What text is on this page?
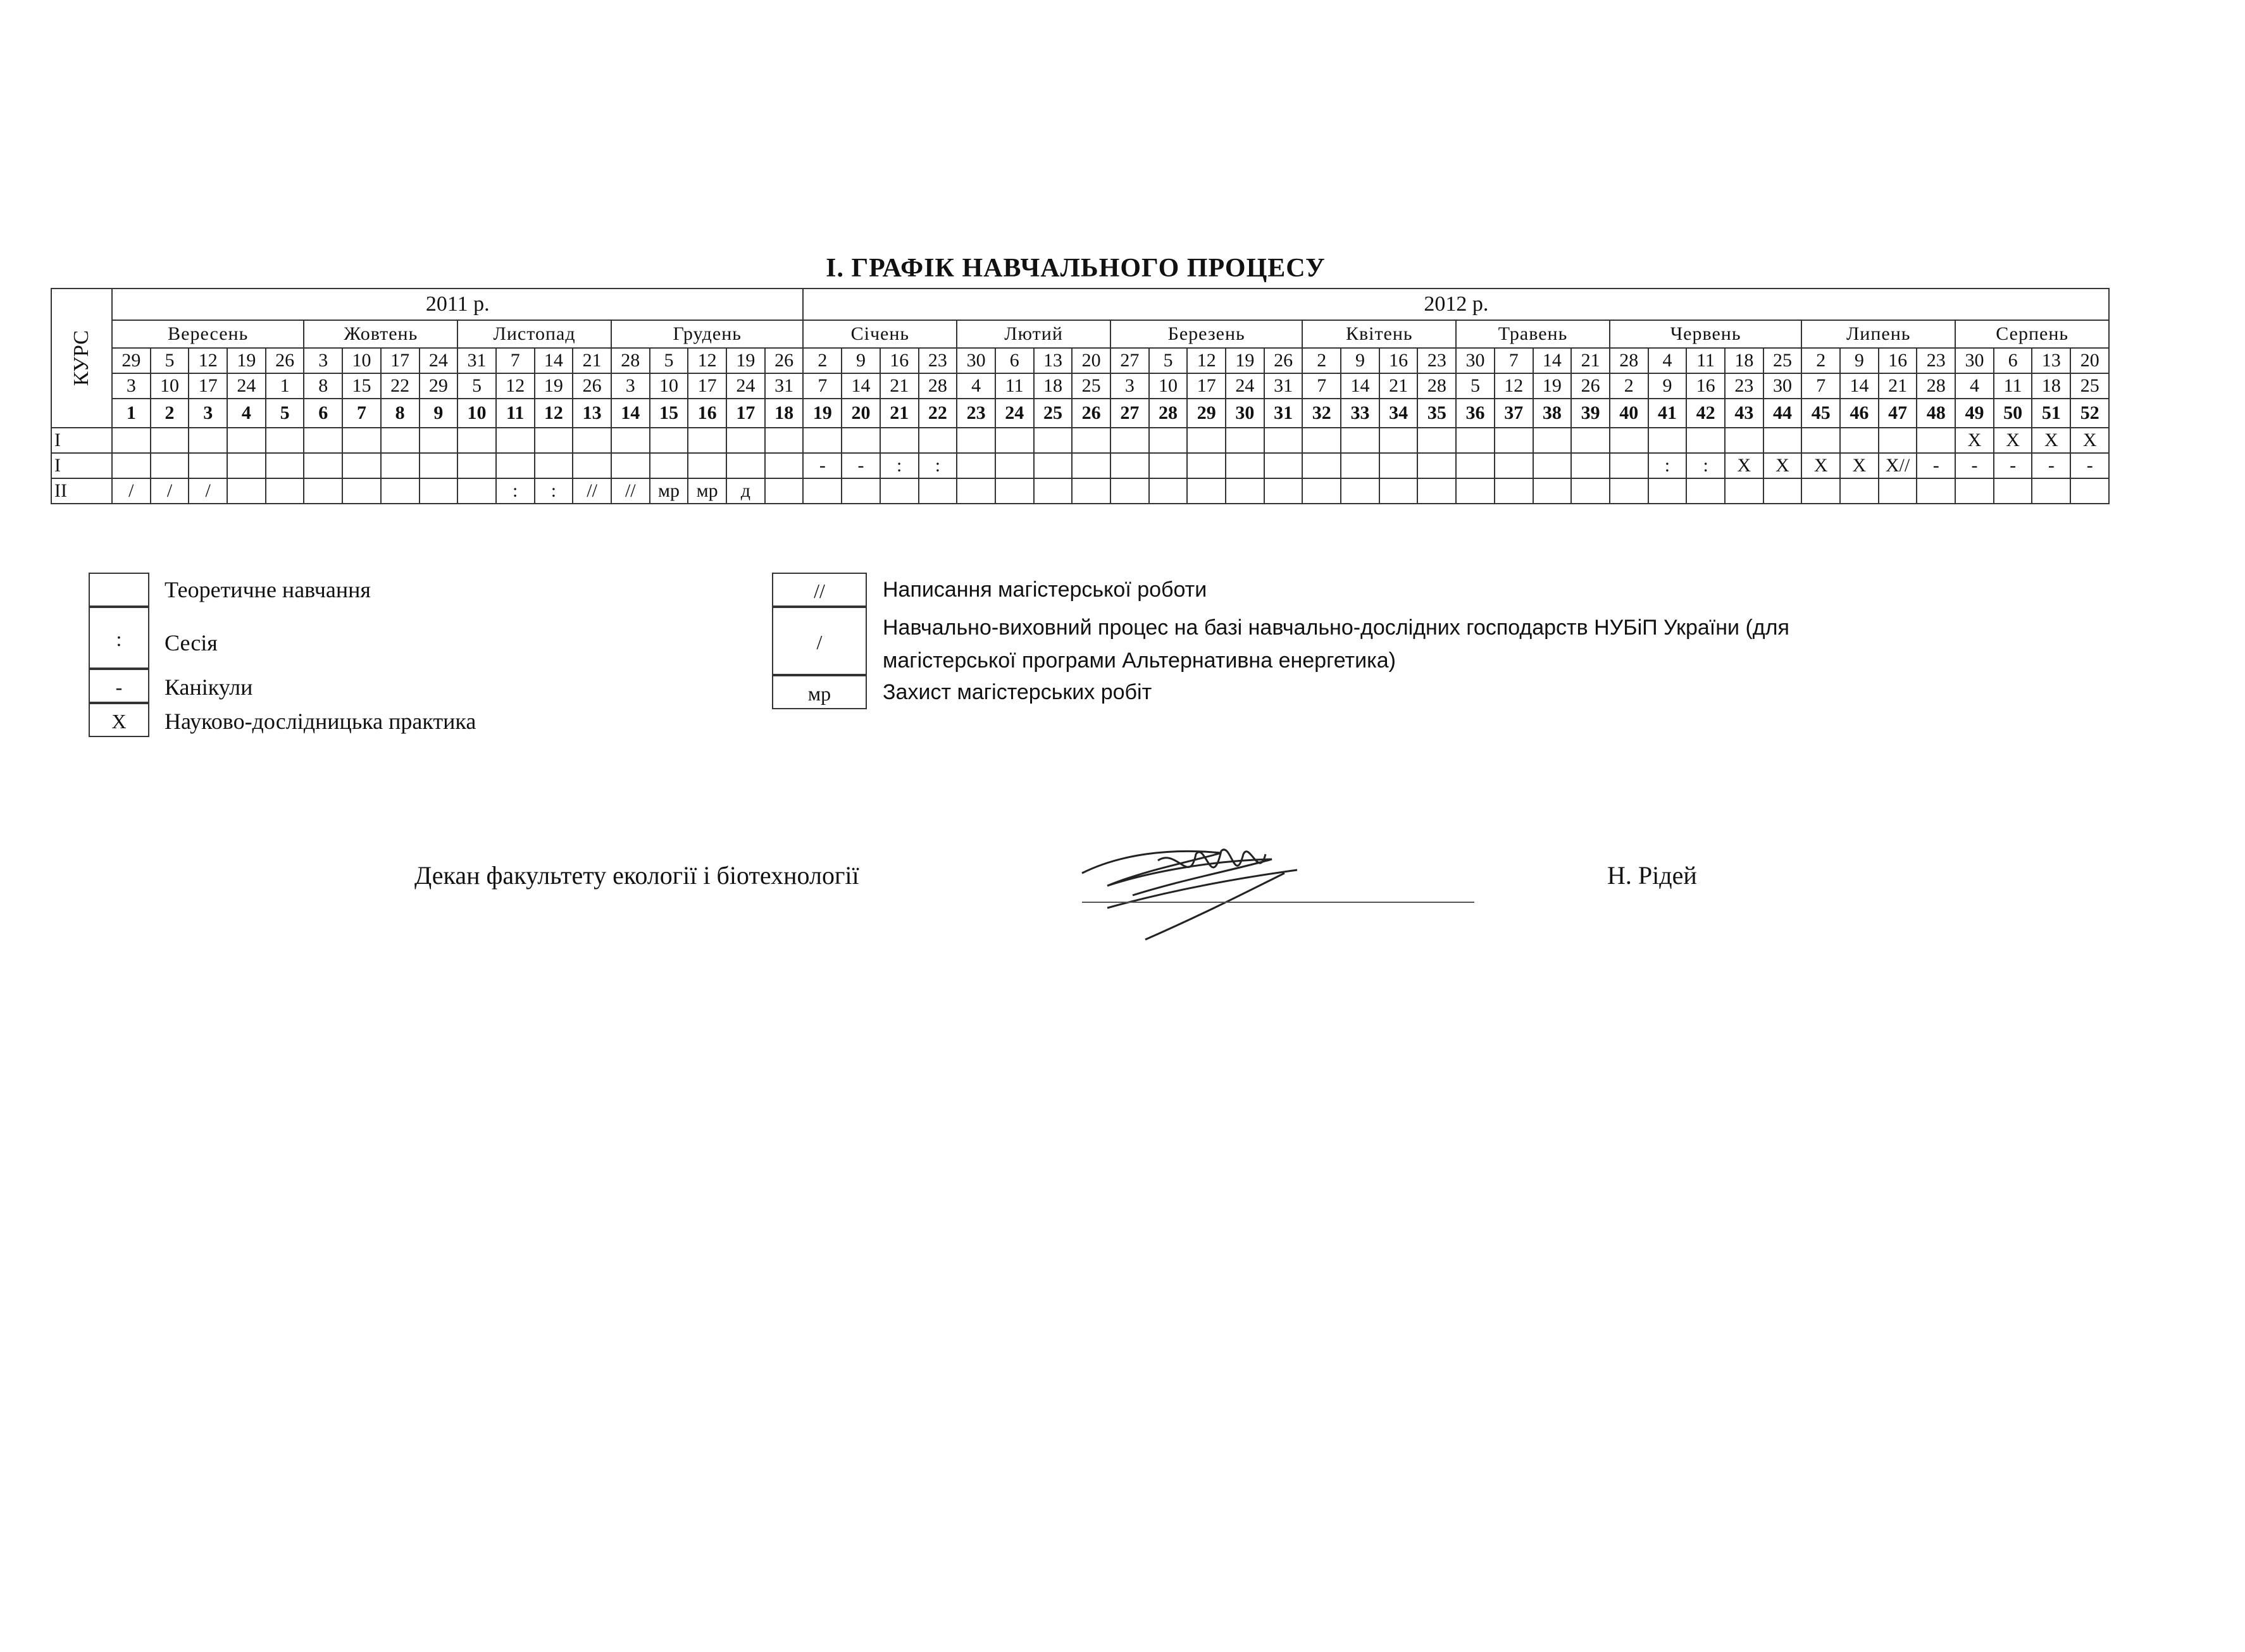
І. ГРАФІК НАВЧАЛЬНОГО ПРОЦЕСУ
КУРС	2011 р.																		2012 р.																																	
	Вересень					Жовтень				Листопад				Грудень					Січень				Лютий				Березень					Квітень				Травень				Червень					Липень				Серпень			
	29	5	12	19	26	3	10	17	24	31	7	14	21	28	5	12	19	26	2	9	16	23	30	6	13	20	27	5	12	19	26	2	9	16	23	30	7	14	21	28	4	11	18	25	2	9	16	23	30	6	13	20
	3	10	17	24	1	8	15	22	29	5	12	19	26	3	10	17	24	31	7	14	21	28	4	11	18	25	3	10	17	24	31	7	14	21	28	5	12	19	26	2	9	16	23	30	7	14	21	28	4	11	18	25
	1	2	3	4	5	6	7	8	9	10	11	12	13	14	15	16	17	18	19	20	21	22	23	24	25	26	27	28	29	30	31	32	33	34	35	36	37	38	39	40	41	42	43	44	45	46	47	48	49	50	51	52
I																																																	X	X	X	X
I																			-	-	:	:																			:	:	X	X	X	X	X//	-	-	-	-	-
II	/	/	/								:	:	//	//	мр	мр	д																																			
Теоретичне навчання
:	Сесія
-	Канікули
X	Науково-дослідницька практика
//	Написання магістерської роботи
/
Навчально-виховний процес на базі навчально-дослідних господарств НУБіП України (для
магістерської програми Альтернативна енергетика)
мр	Захист магістерських робіт
Декан факультету екології і біотехнології	Н. Рідей
